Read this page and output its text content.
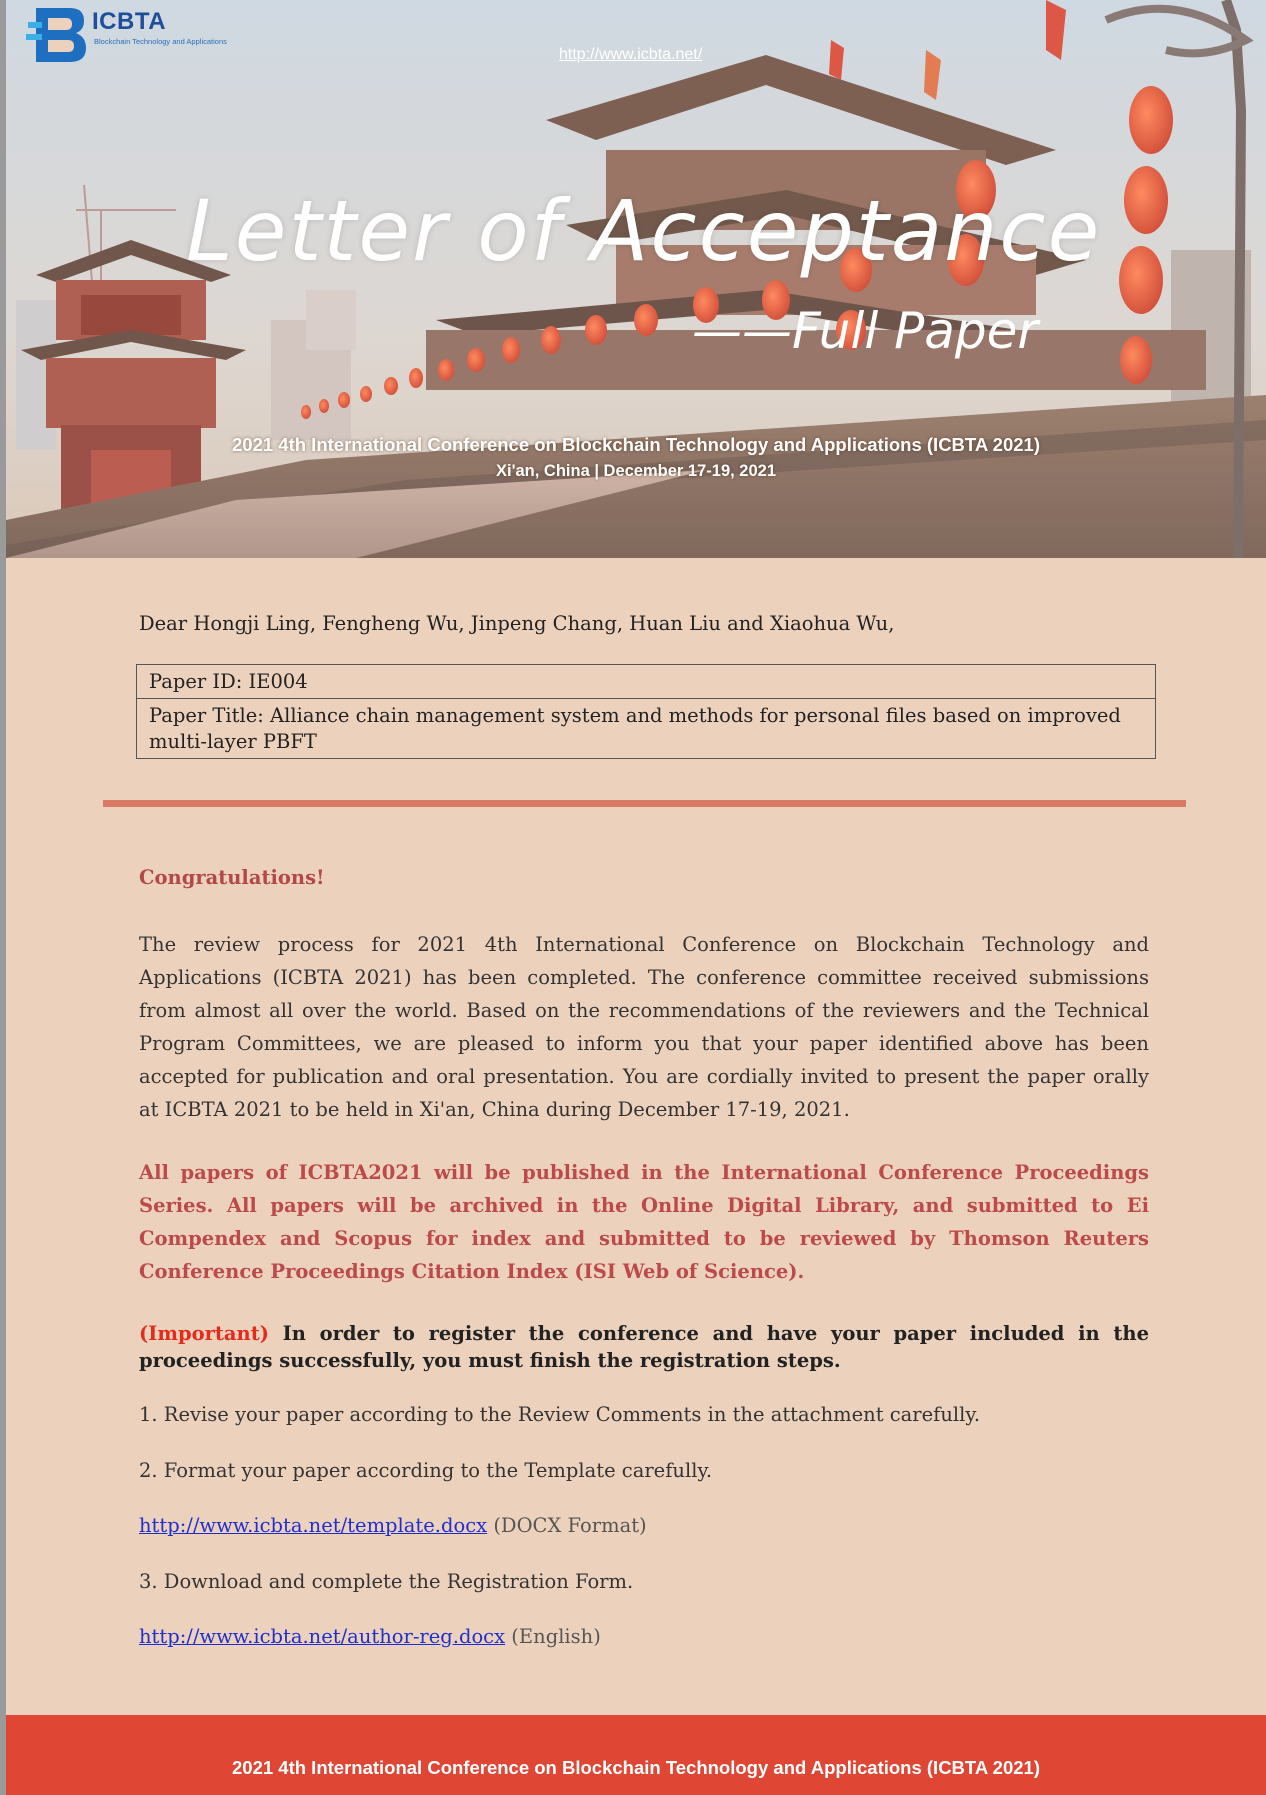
ICBTA
Blockchain Technology and Applications
http://www.icbta.net/
Letter of Acceptance
——Full Paper
2021 4th International Conference on Blockchain Technology and Applications (ICBTA 2021)
Xi'an, China | December 17-19, 2021
Dear Hongji Ling, Fengheng Wu, Jinpeng Chang, Huan Liu and Xiaohua Wu,
Paper ID: IE004
Paper Title: Alliance chain management system and methods for personal files based on improved multi-layer PBFT
Congratulations!
The review process for 2021 4th International Conference on Blockchain Technology and Applications (ICBTA 2021) has been completed. The conference committee received submissions from almost all over the world. Based on the recommendations of the reviewers and the Technical Program Committees, we are pleased to inform you that your paper identified above has been accepted for publication and oral presentation. You are cordially invited to present the paper orally at ICBTA 2021 to be held in Xi'an, China during December 17-19, 2021.
All papers of ICBTA2021 will be published in the International Conference Proceedings Series. All papers will be archived in the Online Digital Library, and submitted to Ei Compendex and Scopus for index and submitted to be reviewed by Thomson Reuters Conference Proceedings Citation Index (ISI Web of Science).
(Important) In order to register the conference and have your paper included in the proceedings successfully, you must finish the registration steps.
1. Revise your paper according to the Review Comments in the attachment carefully.
2. Format your paper according to the Template carefully.
http://www.icbta.net/template.docx (DOCX Format)
3. Download and complete the Registration Form.
http://www.icbta.net/author-reg.docx (English)
2021 4th International Conference on Blockchain Technology and Applications (ICBTA 2021)
